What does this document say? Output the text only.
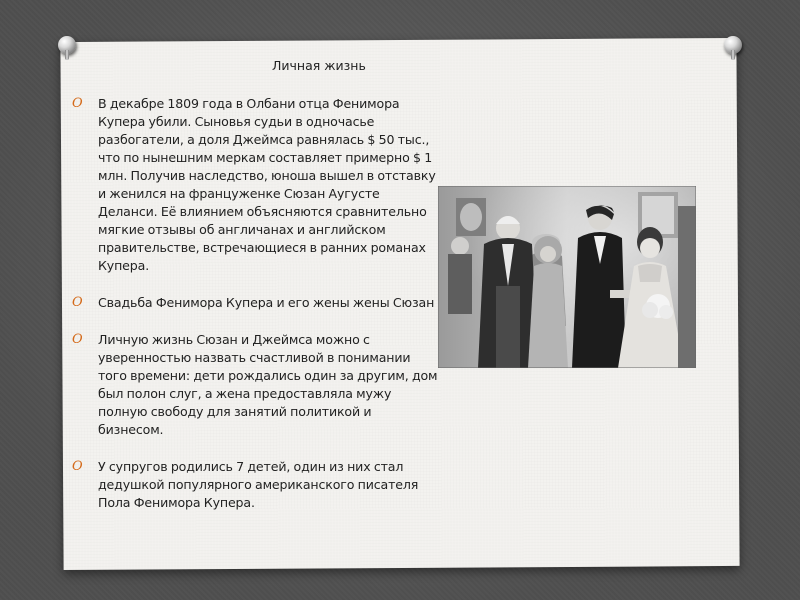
Личная жизнь
O В декабре 1809 года в Олбани отца Фенимора Купера убили. Сыновья судьи в одночасье разбогатели, а доля Джеймса равнялась $ 50 тыс., что по нынешним меркам составляет примерно $ 1 млн. Получив наследство, юноша вышел в отставку и женился на француженке Сюзан Аугусте Деланси. Её влиянием объясняются сравнительно мягкие отзывы об англичанах и английском правительстве, встречающиеся в ранних романах Купера.
O Свадьба Фенимора Купера и его жены жены Сюзан
O Личную жизнь Сюзан и Джеймса можно с уверенностью назвать счастливой в понимании того времени: дети рождались один за другим, дом был полон слуг, а жена предоставляла мужу полную свободу для занятий политикой и бизнесом.
O У супругов родились 7 детей, один из них стал дедушкой популярного американского писателя Пола Фенимора Купера.
